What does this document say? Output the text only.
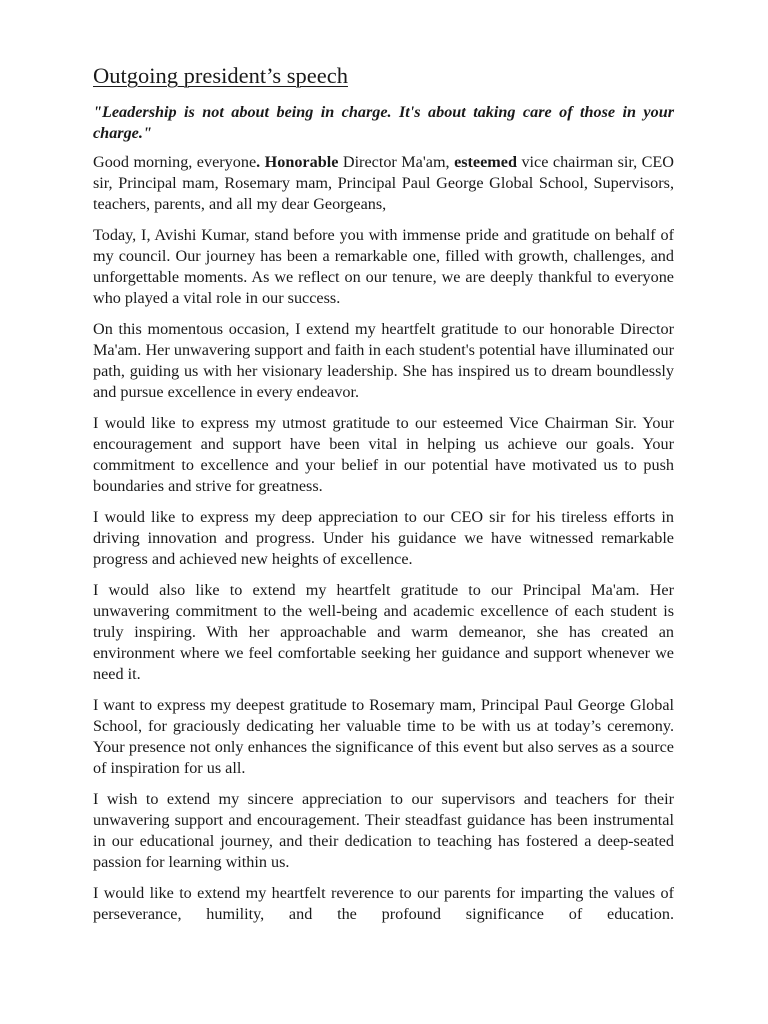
Outgoing president’s speech

"Leadership is not about being in charge. It's about taking care of those in your charge."

Good morning, everyone. Honorable Director Ma'am, esteemed vice chairman sir, CEO sir, Principal mam, Rosemary mam, Principal Paul George Global School, Supervisors, teachers, parents, and all my dear Georgeans,

Today, I, Avishi Kumar, stand before you with immense pride and gratitude on behalf of my council. Our journey has been a remarkable one, filled with growth, challenges, and unforgettable moments. As we reflect on our tenure, we are deeply thankful to everyone who played a vital role in our success.

On this momentous occasion, I extend my heartfelt gratitude to our honorable Director Ma'am. Her unwavering support and faith in each student's potential have illuminated our path, guiding us with her visionary leadership. She has inspired us to dream boundlessly and pursue excellence in every endeavor.

I would like to express my utmost gratitude to our esteemed Vice Chairman Sir. Your encouragement and support have been vital in helping us achieve our goals. Your commitment to excellence and your belief in our potential have motivated us to push boundaries and strive for greatness.

I would like to express my deep appreciation to our CEO sir for his tireless efforts in driving innovation and progress. Under his guidance we have witnessed remarkable progress and achieved new heights of excellence.

I would also like to extend my heartfelt gratitude to our Principal Ma'am. Her unwavering commitment to the well-being and academic excellence of each student is truly inspiring. With her approachable and warm demeanor, she has created an environment where we feel comfortable seeking her guidance and support whenever we need it.

I want to express my deepest gratitude to Rosemary mam, Principal Paul George Global School, for graciously dedicating her valuable time to be with us at today’s ceremony. Your presence not only enhances the significance of this event but also serves as a source of inspiration for us all.

I wish to extend my sincere appreciation to our supervisors and teachers for their unwavering support and encouragement. Their steadfast guidance has been instrumental in our educational journey, and their dedication to teaching has fostered a deep-seated passion for learning within us.

I would like to extend my heartfelt reverence to our parents for imparting the values of perseverance, humility, and the profound significance of education.
